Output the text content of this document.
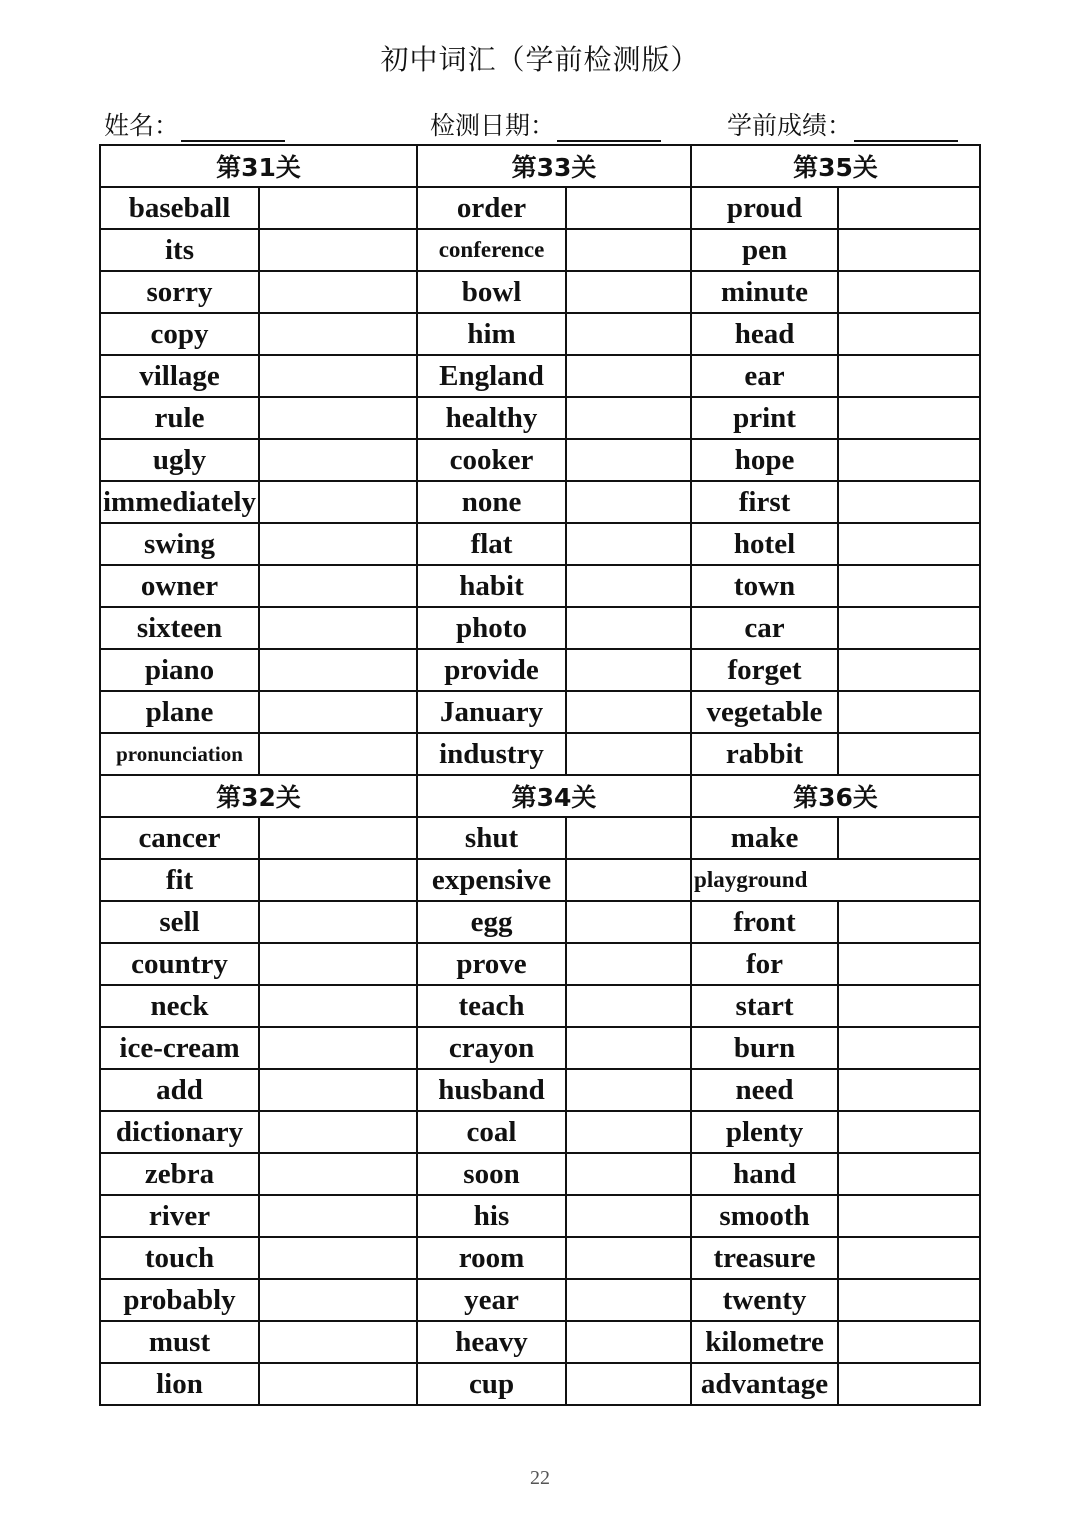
初中词汇（学前检测版）
姓名：	检测日期：	学前成绩：
第31关		第33关		第35关	
baseball		order		proud	
its		conference		pen	
sorry		bowl		minute	
copy		him		head	
village		England		ear	
rule		healthy		print	
ugly		cooker		hope	
immediately		none		first	
swing		flat		hotel	
owner		habit		town	
sixteen		photo		car	
piano		provide		forget	
plane		January		vegetable	
pronunciation		industry		rabbit	
第32关		第34关		第36关	
cancer		shut		make	
fit		expensive		playground	
sell		egg		front	
country		prove		for	
neck		teach		start	
ice-cream		crayon		burn	
add		husband		need	
dictionary		coal		plenty	
zebra		soon		hand	
river		his		smooth	
touch		room		treasure	
probably		year		twenty	
must		heavy		kilometre	
lion		cup		advantage	
22
